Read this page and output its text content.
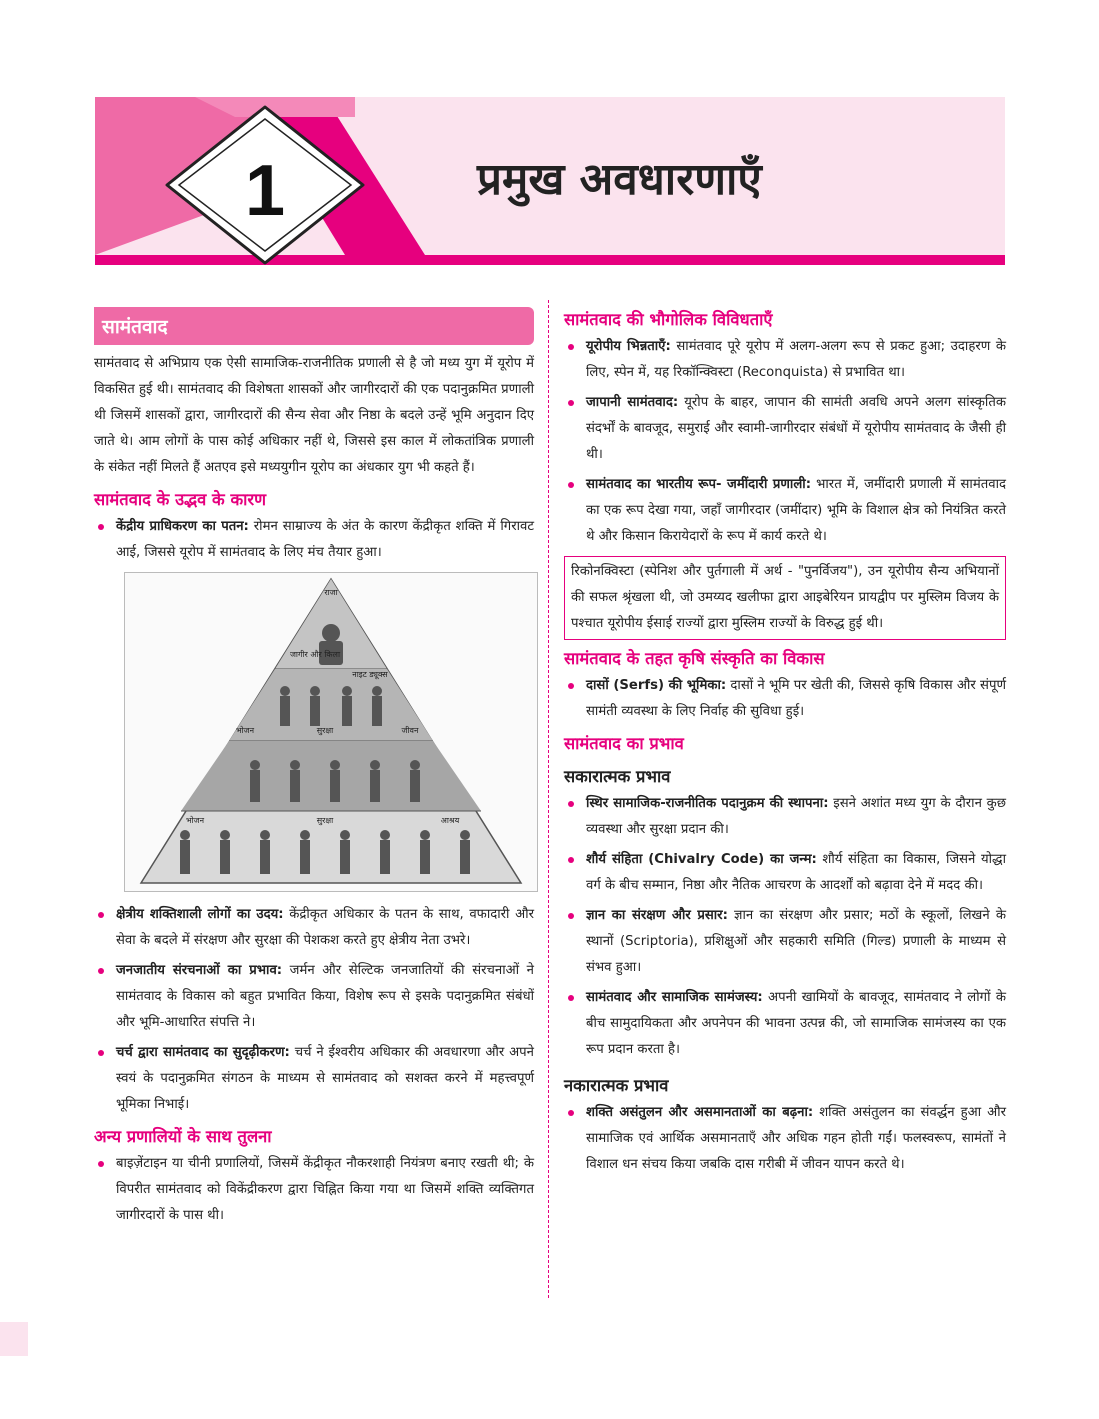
1	प्रमुख अवधारणाएँ
सामंतवाद

सामंतवाद से अभिप्राय एक ऐसी सामाजिक-राजनीतिक प्रणाली से है जो मध्य युग में यूरोप में विकसित हुई थी। सामंतवाद की विशेषता शासकों और जागीरदारों की एक पदानुक्रमित प्रणाली थी जिसमें शासकों द्वारा, जागीरदारों की सैन्य सेवा और निष्ठा के बदले उन्हें भूमि अनुदान दिए जाते थे। आम लोगों के पास कोई अधिकार नहीं थे, जिससे इस काल में लोकतांत्रिक प्रणाली के संकेत नहीं मिलते हैं अतएव इसे मध्ययुगीन यूरोप का अंधकार युग भी कहते हैं।

सामंतवाद के उद्भव के कारण
केंद्रीय प्राधिकरण का पतन: रोमन साम्राज्य के अंत के कारण केंद्रीकृत शक्ति में गिरावट आई, जिससे यूरोप में सामंतवाद के लिए मंच तैयार हुआ।
राजा
जागीर और किला
नाइट ड्यूक्स
भोजन	सुरक्षा	जीवन
भोजन	सुरक्षा	आश्रय
क्षेत्रीय शक्तिशाली लोगों का उदय: केंद्रीकृत अधिकार के पतन के साथ, वफादारी और सेवा के बदले में संरक्षण और सुरक्षा की पेशकश करते हुए क्षेत्रीय नेता उभरे।
जनजातीय संरचनाओं का प्रभाव: जर्मन और सेल्टिक जनजातियों की संरचनाओं ने सामंतवाद के विकास को बहुत प्रभावित किया, विशेष रूप से इसके पदानुक्रमित संबंधों और भूमि-आधारित संपत्ति ने।
चर्च द्वारा सामंतवाद का सुदृढ़ीकरण: चर्च ने ईश्वरीय अधिकार की अवधारणा और अपने स्वयं के पदानुक्रमित संगठन के माध्यम से सामंतवाद को सशक्त करने में महत्त्वपूर्ण भूमिका निभाई।
अन्य प्रणालियों के साथ तुलना
बाइज़ेंटाइन या चीनी प्रणालियों, जिसमें केंद्रीकृत नौकरशाही नियंत्रण बनाए रखती थी; के विपरीत सामंतवाद को विकेंद्रीकरण द्वारा चिह्नित किया गया था जिसमें शक्ति व्यक्तिगत जागीरदारों के पास थी।
सामंतवाद की भौगोलिक विविधताएँ
यूरोपीय भिन्नताएँ: सामंतवाद पूरे यूरोप में अलग-अलग रूप से प्रकट हुआ; उदाहरण के लिए, स्पेन में, यह रिकॉन्क्विस्टा (Reconquista) से प्रभावित था।
जापानी सामंतवाद: यूरोप के बाहर, जापान की सामंती अवधि अपने अलग सांस्कृतिक संदर्भों के बावजूद, समुराई और स्वामी-जागीरदार संबंधों में यूरोपीय सामंतवाद के जैसी ही थी।
सामंतवाद का भारतीय रूप- जमींदारी प्रणाली: भारत में, जमींदारी प्रणाली में सामंतवाद का एक रूप देखा गया, जहाँ जागीरदार (जमींदार) भूमि के विशाल क्षेत्र को नियंत्रित करते थे और किसान किरायेदारों के रूप में कार्य करते थे।
रिकोनक्विस्टा (स्पेनिश और पुर्तगाली में अर्थ - "पुनर्विजय"), उन यूरोपीय सैन्य अभियानों की सफल श्रृंखला थी, जो उमय्यद खलीफा द्वारा आइबेरियन प्रायद्वीप पर मुस्लिम विजय के पश्चात यूरोपीय ईसाई राज्यों द्वारा मुस्लिम राज्यों के विरुद्ध हुई थी।
सामंतवाद के तहत कृषि संस्कृति का विकास
दासों (Serfs) की भूमिका: दासों ने भूमि पर खेती की, जिससे कृषि विकास और संपूर्ण सामंती व्यवस्था के लिए निर्वाह की सुविधा हुई।
सामंतवाद का प्रभाव
सकारात्मक प्रभाव
स्थिर सामाजिक-राजनीतिक पदानुक्रम की स्थापना: इसने अशांत मध्य युग के दौरान कुछ व्यवस्था और सुरक्षा प्रदान की।
शौर्य संहिता (Chivalry Code) का जन्म: शौर्य संहिता का विकास, जिसने योद्धा वर्ग के बीच सम्मान, निष्ठा और नैतिक आचरण के आदर्शों को बढ़ावा देने में मदद की।
ज्ञान का संरक्षण और प्रसार: ज्ञान का संरक्षण और प्रसार; मठों के स्कूलों, लिखने के स्थानों (Scriptoria), प्रशिक्षुओं और सहकारी समिति (गिल्ड) प्रणाली के माध्यम से संभव हुआ।
सामंतवाद और सामाजिक सामंजस्य: अपनी खामियों के बावजूद, सामंतवाद ने लोगों के बीच सामुदायिकता और अपनेपन की भावना उत्पन्न की, जो सामाजिक सामंजस्य का एक रूप प्रदान करता है।
नकारात्मक प्रभाव
शक्ति असंतुलन और असमानताओं का बढ़ना: शक्ति असंतुलन का संवर्द्धन हुआ और सामाजिक एवं आर्थिक असमानताएँ और अधिक गहन होती गईं। फलस्वरूप, सामंतों ने विशाल धन संचय किया जबकि दास गरीबी में जीवन यापन करते थे।
